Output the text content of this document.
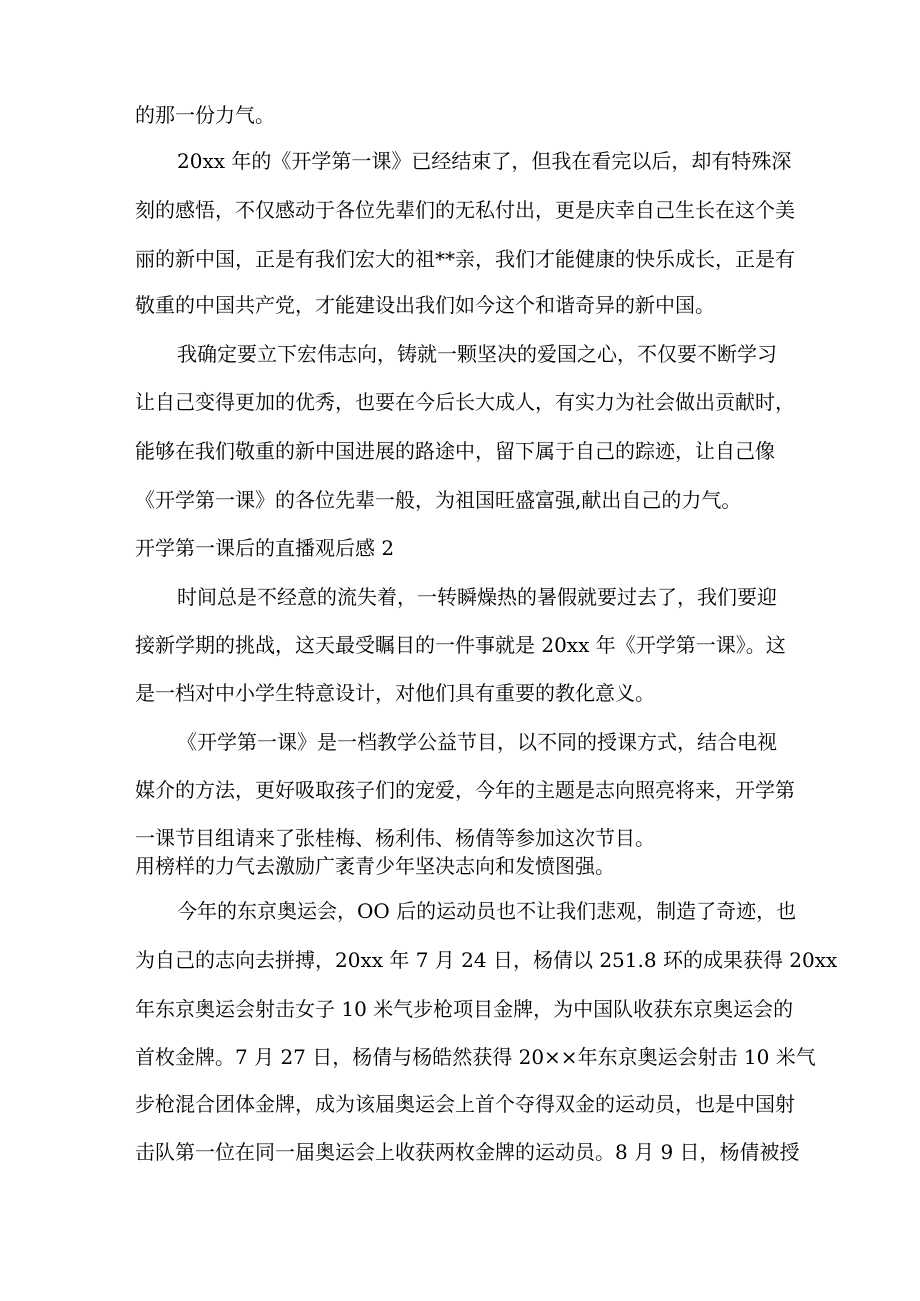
的那一份力气。
20xx 年的《开学第一课》已经结束了，但我在看完以后，却有特殊深
刻的感悟，不仅感动于各位先辈们的无私付出，更是庆幸自己生长在这个美
丽的新中国，正是有我们宏大的祖**亲，我们才能健康的快乐成长，正是有
敬重的中国共产党，才能建设出我们如今这个和谐奇异的新中国。
我确定要立下宏伟志向，铸就一颗坚决的爱国之心，不仅要不断学习
让自己变得更加的优秀，也要在今后长大成人，有实力为社会做出贡献时，
能够在我们敬重的新中国进展的路途中，留下属于自己的踪迹，让自己像
《开学第一课》的各位先辈一般，为祖国旺盛富强,献出自己的力气。
开学第一课后的直播观后感 2
时间总是不经意的流失着，一转瞬燥热的暑假就要过去了，我们要迎
接新学期的挑战，这天最受瞩目的一件事就是 20xx 年《开学第一课》。这
是一档对中小学生特意设计，对他们具有重要的教化意义。
《开学第一课》是一档教学公益节目，以不同的授课方式，结合电视
媒介的方法，更好吸取孩子们的宠爱，今年的主题是志向照亮将来，开学第
一课节目组请来了张桂梅、杨利伟、杨倩等参加这次节目。
用榜样的力气去激励广袤青少年坚决志向和发愤图强。
今年的东京奥运会，OO 后的运动员也不让我们悲观，制造了奇迹，也
为自己的志向去拼搏，20xx 年 7 月 24 日，杨倩以 251.8 环的成果获得 20xx
年东京奥运会射击女子 10 米气步枪项目金牌，为中国队收获东京奥运会的
首枚金牌。7 月 27 日，杨倩与杨皓然获得 20××年东京奥运会射击 10 米气
步枪混合团体金牌，成为该届奥运会上首个夺得双金的运动员，也是中国射
击队第一位在同一届奥运会上收获两枚金牌的运动员。8 月 9 日，杨倩被授
